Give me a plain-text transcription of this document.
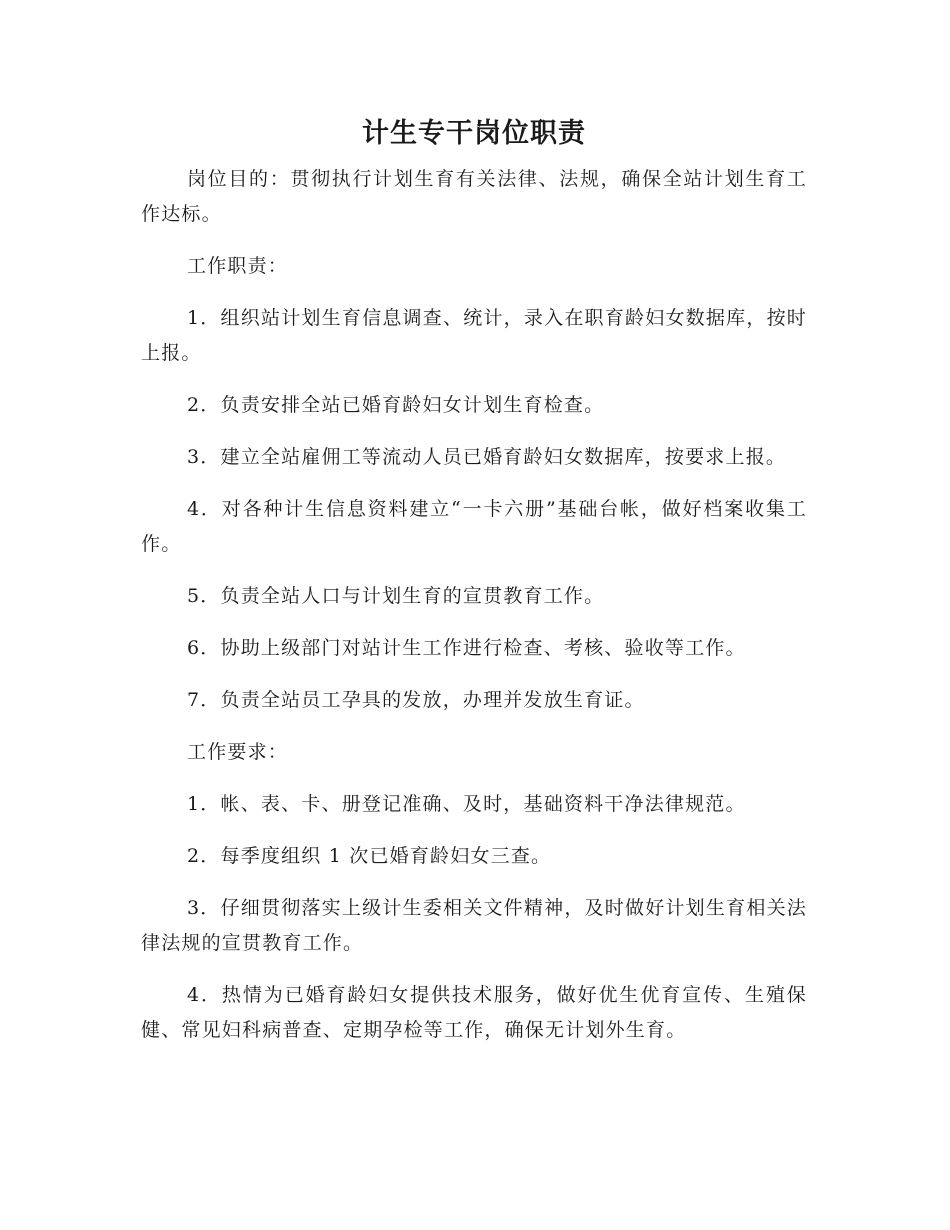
计生专干岗位职责

岗位目的：贯彻执行计划生育有关法律、法规，确保全站计划生育工作达标。

工作职责：

1．组织站计划生育信息调查、统计，录入在职育龄妇女数据库，按时上报。

2．负责安排全站已婚育龄妇女计划生育检查。

3．建立全站雇佣工等流动人员已婚育龄妇女数据库，按要求上报。

4．对各种计生信息资料建立“一卡六册”基础台帐，做好档案收集工作。

5．负责全站人口与计划生育的宣贯教育工作。

6．协助上级部门对站计生工作进行检查、考核、验收等工作。

7．负责全站员工孕具的发放，办理并发放生育证。

工作要求：

1．帐、表、卡、册登记准确、及时，基础资料干净法律规范。

2．每季度组织 1 次已婚育龄妇女三查。

3．仔细贯彻落实上级计生委相关文件精神，及时做好计划生育相关法律法规的宣贯教育工作。

4．热情为已婚育龄妇女提供技术服务，做好优生优育宣传、生殖保健、常见妇科病普查、定期孕检等工作，确保无计划外生育。
